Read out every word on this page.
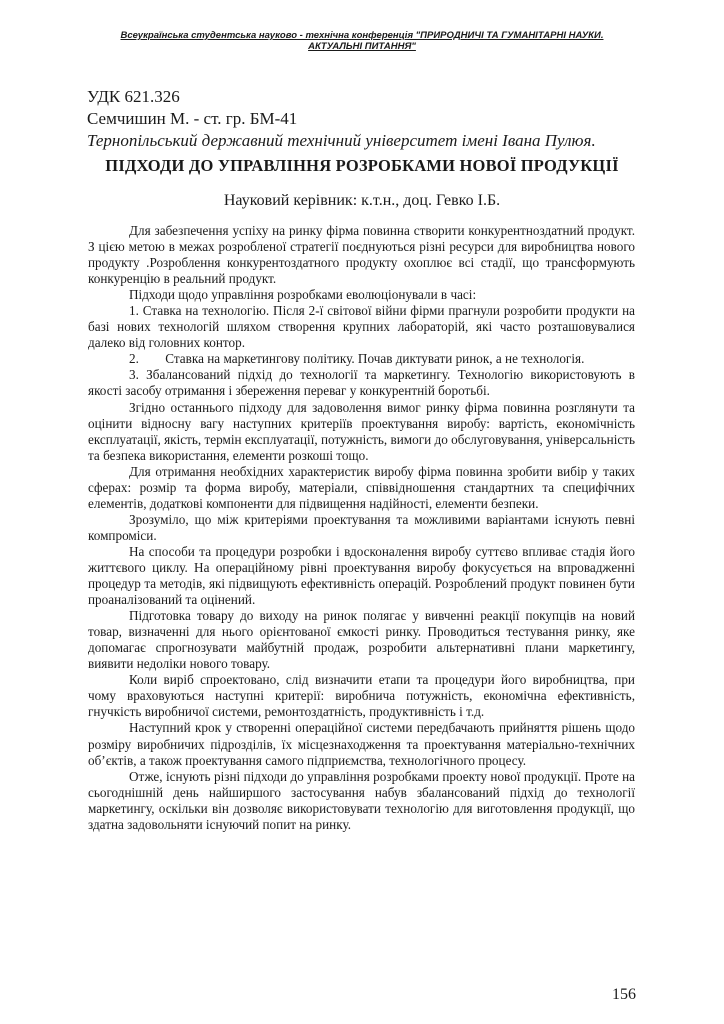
Всеукраїнська студентська науково - технічна конференція "ПРИРОДНИЧІ ТА ГУМАНІТАРНІ НАУКИ.
АКТУАЛЬНІ ПИТАННЯ"
УДК 621.326
Семчишин М. - ст. гр. БМ-41
Тернопільський державний технічний університет імені Івана Пулюя.
ПІДХОДИ ДО УПРАВЛІННЯ РОЗРОБКАМИ НОВОЇ ПРОДУКЦІЇ
Науковий керівник: к.т.н., доц. Гевко І.Б.

Для забезпечення успіху на ринку фірма повинна створити конкурентноздатний продукт. З цією метою в межах розробленої стратегії поєднуються різні ресурси для виробництва нового продукту .Розроблення конкурентоздатного продукту охоплює всі стадії, що трансформують конкуренцію в реальний продукт.

Підходи щодо управління розробками еволюціонували в часі:

1. Ставка на технологію. Після 2-ї світової війни фірми прагнули розробити продукти на базі нових технологій шляхом створення крупних лабораторій, які часто розташовувалися далеко від головних контор.

2.        Ставка на маркетингову політику. Почав диктувати ринок, а не технологія.

3. Збалансований підхід до технології та маркетингу. Технологію використовують в якості засобу отримання і збереження переваг у конкурентній боротьбі.

Згідно останнього підходу для задоволення вимог ринку фірма повинна розглянути та оцінити відносну вагу наступних критеріїв проектування виробу: вартість, економічність експлуатації, якість, термін експлуатації, потужність, вимоги до обслуговування, універсальність та безпека використання, елементи розкоші тощо.

Для отримання необхідних характеристик виробу фірма повинна зробити вибір у таких сферах: розмір та форма виробу, матеріали, співвідношення стандартних та специфічних елементів, додаткові компоненти для підвищення надійності, елементи безпеки.

Зрозуміло, що між критеріями проектування та можливими варіантами існують певні компроміси.

На способи та процедури розробки і вдосконалення виробу суттєво впливає стадія його життєвого циклу. На операційному рівні проектування виробу фокусується на впровадженні процедур та методів, які підвищують ефективність операцій. Розроблений продукт повинен бути проаналізований та оцінений.

Підготовка товару до виходу на ринок полягає у вивченні реакції покупців на новий товар, визначенні для нього орієнтованої ємкості ринку. Проводиться тестування ринку, яке допомагає спрогнозувати майбутній продаж, розробити альтернативні плани маркетингу, виявити недоліки нового товару.

Коли виріб спроектовано, слід визначити етапи та процедури його виробництва, при чому враховуються наступні критерії: виробнича потужність, економічна ефективність, гнучкість виробничої системи, ремонтоздатність, продуктивність і т.д.

Наступний крок у створенні операційної системи передбачають прийняття рішень щодо розміру виробничих підрозділів, їх місцезнаходження та проектування матеріально-технічних об’єктів, а також проектування самого підприємства, технологічного процесу.

Отже, існують різні підходи до управління розробками проекту нової продукції. Проте на сьогоднішній день найширшого застосування набув збалансований підхід до технології маркетингу, оскільки він дозволяє використовувати технологію для виготовлення продукції, що здатна задовольняти існуючий попит на ринку.

156
